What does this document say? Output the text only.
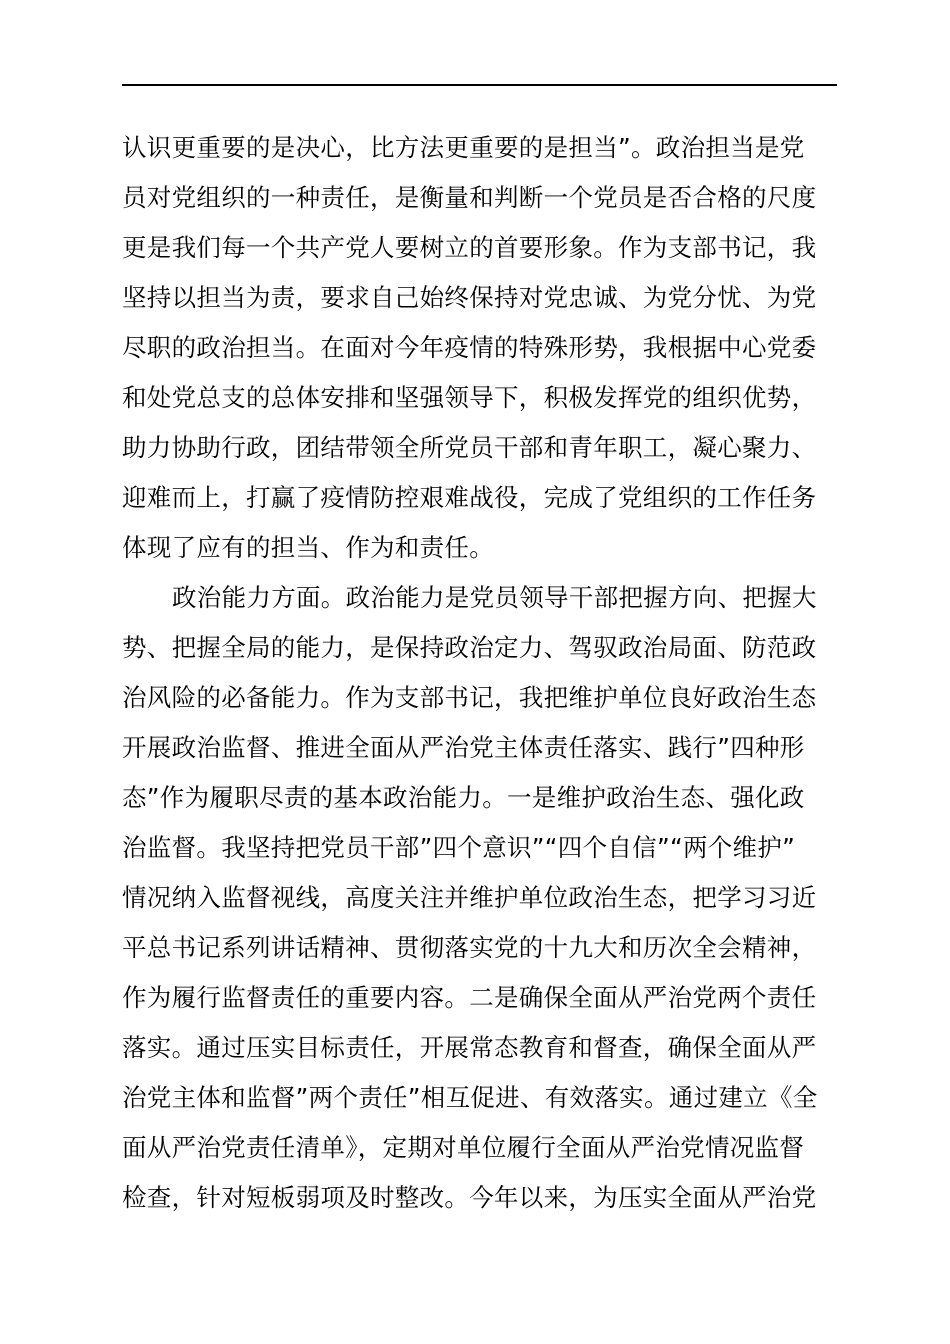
认识更重要的是决心，比方法更重要的是担当”。政治担当是党
员对党组织的一种责任，是衡量和判断一个党员是否合格的尺度
更是我们每一个共产党人要树立的首要形象。作为支部书记，我
坚持以担当为责，要求自己始终保持对党忠诚、为党分忧、为党
尽职的政治担当。在面对今年疫情的特殊形势，我根据中心党委
和处党总支的总体安排和坚强领导下，积极发挥党的组织优势，
助力协助行政，团结带领全所党员干部和青年职工，凝心聚力、
迎难而上，打赢了疫情防控艰难战役，完成了党组织的工作任务
体现了应有的担当、作为和责任。
政治能力方面。政治能力是党员领导干部把握方向、把握大
势、把握全局的能力，是保持政治定力、驾驭政治局面、防范政
治风险的必备能力。作为支部书记，我把维护单位良好政治生态
开展政治监督、推进全面从严治党主体责任落实、践行”四种形
态”作为履职尽责的基本政治能力。一是维护政治生态、强化政
治监督。我坚持把党员干部”四个意识”“四个自信”“两个维护”
情况纳入监督视线，高度关注并维护单位政治生态，把学习习近
平总书记系列讲话精神、贯彻落实党的十九大和历次全会精神，
作为履行监督责任的重要内容。二是确保全面从严治党两个责任
落实。通过压实目标责任，开展常态教育和督查，确保全面从严
治党主体和监督”两个责任”相互促进、有效落实。通过建立《全
面从严治党责任清单》，定期对单位履行全面从严治党情况监督
检查，针对短板弱项及时整改。今年以来，为压实全面从严治党
